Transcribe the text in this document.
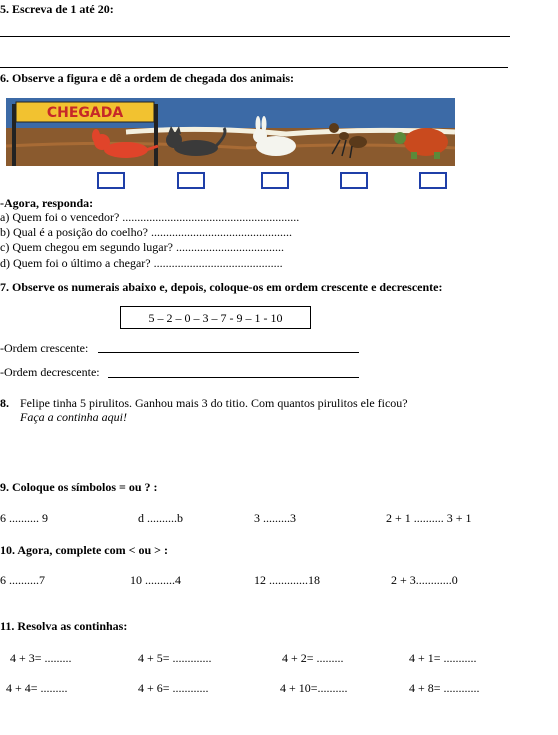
5. Escreva de 1 até 20:
6. Observe a figura e dê a ordem de chegada dos animais:
CHEGADA
-Agora, responda:
a) Quem foi o vencedor? ...........................................................
b) Qual é a posição do coelho? ...............................................
c) Quem chegou em segundo lugar? ....................................
d) Quem foi o último a chegar? ...........................................
7. Observe os numerais abaixo e, depois, coloque-os em ordem crescente e decrescente:
5 – 2 – 0 – 3 – 7 - 9 – 1 - 10
-Ordem crescente:
-Ordem decrescente:
8. Felipe tinha 5 pirulitos. Ganhou mais 3 do titio. Com quantos pirulitos ele ficou?
Faça a continha aqui!
9. Coloque os símbolos = ou ? :
6 .......... 9	d ..........b	3 .........3	2 + 1 .......... 3 + 1
10. Agora, complete com < ou > :
6 ..........7	10 ..........4	12 .............18	2 + 3............0
11. Resolva as continhas:
4 + 3= .........	4 + 5= .............	4 + 2= .........	4 + 1= ...........
4 + 4= .........	4 + 6= ............	4 + 10=..........	4 + 8= ............
